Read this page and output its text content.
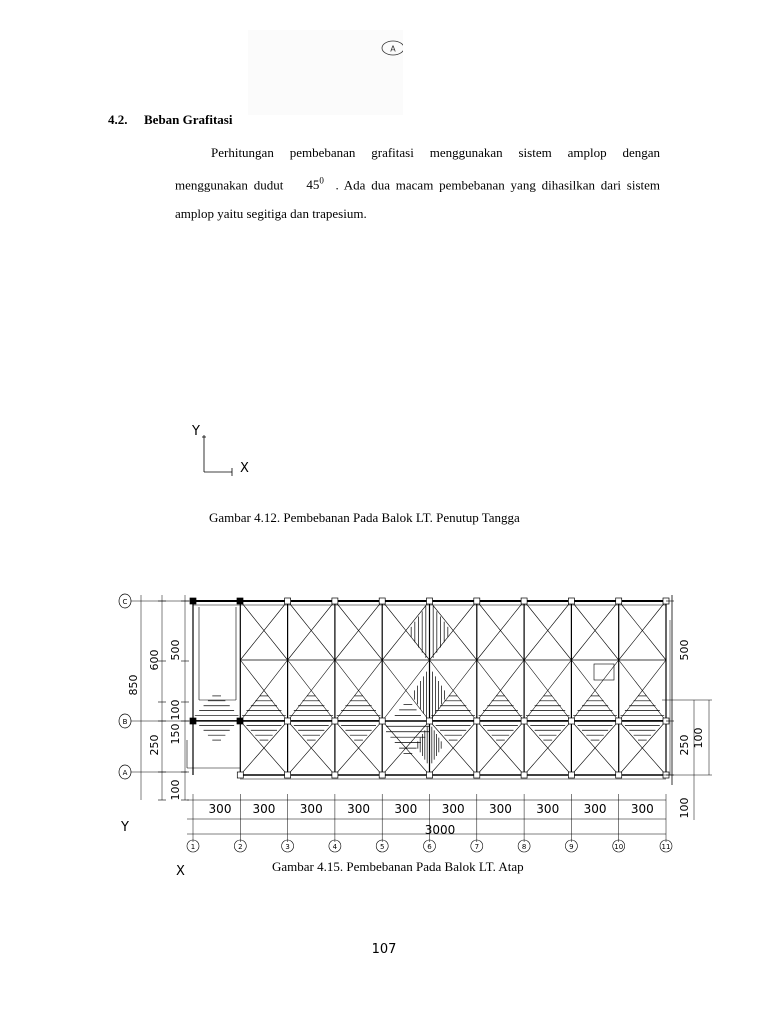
A
4.2. Beban Grafitasi
Perhitungan pembebanan grafitasi menggunakan sistem amplop dengan menggunakan dudut $45^0$ . Ada dua macam pembebanan yang dihasilkan dari sistem amplop yaitu segitiga dan trapesium.
Y
X
Gambar 4.12. Pembebanan Pada Balok LT. Penutup Tangga
C
B
A
850
600 500
100
150
250
100
500
250 100
100
300 300 300 300 300 300 300 300 300 300
3000
1	2	3	4	5	6	7	8	9	10	11
Y
X	Gambar 4.15. Pembebanan Pada Balok LT. Atap
107
